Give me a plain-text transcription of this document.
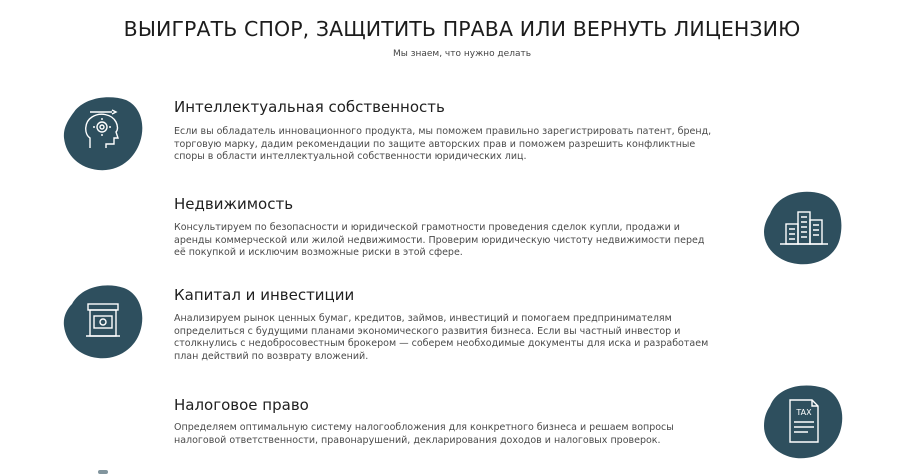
ВЫИГРАТЬ СПОР, ЗАЩИТИТЬ ПРАВА ИЛИ ВЕРНУТЬ ЛИЦЕНЗИЮ
Мы знаем, что нужно делать
Интеллектуальная собственность
Если вы обладатель инновационного продукта, мы поможем правильно зарегистрировать патент, бренд, торговую марку, дадим рекомендации по защите авторских прав и поможем разрешить конфликтные споры в области интеллектуальной собственности юридических лиц.
Недвижимость
Консультируем по безопасности и юридической грамотности проведения сделок купли, продажи и аренды коммерческой или жилой недвижимости. Проверим юридическую чистоту недвижимости перед её покупкой и исключим возможные риски в этой сфере.
Капитал и инвестиции
Анализируем рынок ценных бумаг, кредитов, займов, инвестиций и помогаем предпринимателям определиться с будущими планами экономического развития бизнеса. Если вы частный инвестор и столкнулись с недобросовестным брокером — соберем необходимые документы для иска и разработаем план действий по возврату вложений.
Налоговое право
Определяем оптимальную систему налогообложения для конкретного бизнеса и решаем вопросы налоговой ответственности, правонарушений, декларирования доходов и налоговых проверок.
TAX
